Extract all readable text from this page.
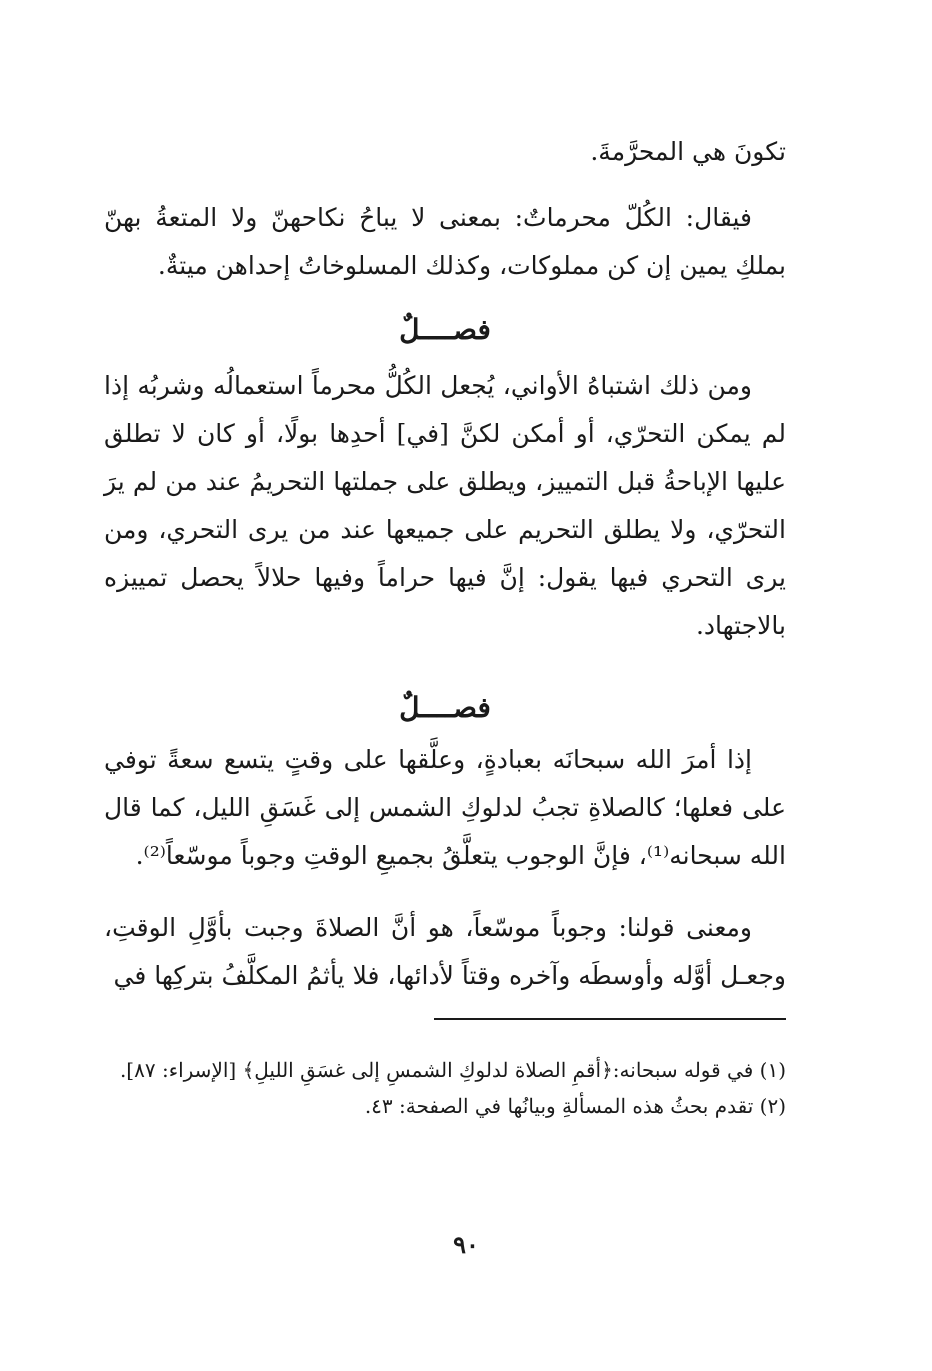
تكونَ هي المحرَّمةَ.

فيقال: الكُلّ محرماتٌ: بمعنى لا يباحُ نكاحهنّ ولا المتعةُ بهنّ بملكِ يمين إن كن مملوكات، وكذلك المسلوخاتُ إحداهن ميتةٌ.

فصــــلٌ

ومن ذلك اشتباهُ الأواني، يُجعل الكُلُّ محرماً استعمالُه وشربُه إذا لم يمكن التحرّي، أو أمكن لكنَّ [في] أحدِها بولًا، أو كان لا تطلق عليها الإباحةُ قبل التمييز، ويطلق على جملتها التحريمُ عند من لم يرَ التحرّي، ولا يطلق التحريم على جميعها عند من يرى التحري، ومن يرى التحري فيها يقول: إنَّ فيها حراماً وفيها حلالاً يحصل تمييزه بالاجتهاد.

فصــــلٌ

إذا أمرَ الله سبحانَه بعبادةٍ، وعلَّقها على وقتٍ يتسع سعةً توفي على فعلها؛ كالصلاةِ تجبُ لدلوكِ الشمس إلى غَسَقِ الليل، كما قال الله سبحانه⁽¹⁾، فإنَّ الوجوب يتعلَّقُ بجميعِ الوقتِ وجوباً موسّعاً⁽²⁾.

ومعنى قولنا: وجوباً موسّعاً، هو أنَّ الصلاةَ وجبت بأوَّلِ الوقتِ، وجعـل أوَّله وأوسطَه وآخره وقتاً لأدائها، فلا يأثمُ المكلَّفُ بتركِها في

(١) في قوله سبحانه:﴿أقمِ الصلاة لدلوكِ الشمسِ إلى غسَقِ الليلِ﴾ [الإسراء: ٨٧].

(٢) تقدم بحثُ هذه المسألةِ وبيانُها في الصفحة: ٤٣.

٩٠
